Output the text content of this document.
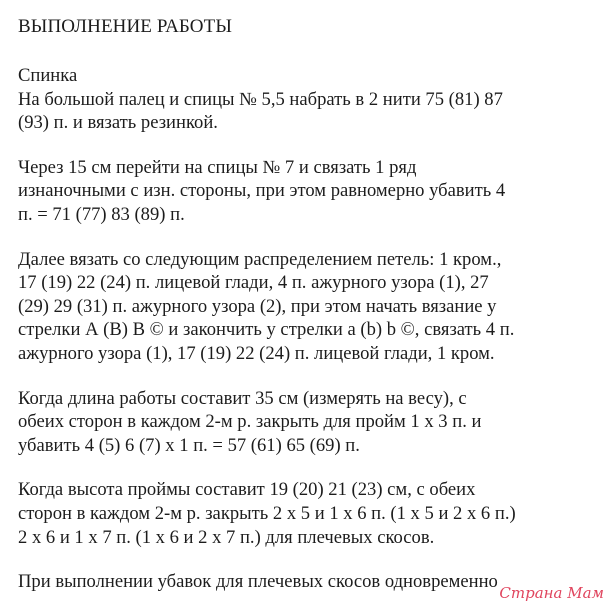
ВЫПОЛНЕНИЕ РАБОТЫ
Спинка
На большой палец и спицы № 5,5 набрать в 2 нити 75 (81) 87
(93) п. и вязать резинкой.
Через 15 см перейти на спицы № 7 и связать 1 ряд
изнаночными с изн. стороны, при этом равномерно убавить 4
п. = 71 (77) 83 (89) п.
Далее вязать со следующим распределением петель: 1 кром.,
17 (19) 22 (24) п. лицевой глади, 4 п. ажурного узора (1), 27
(29) 29 (31) п. ажурного узора (2), при этом начать вязание у
стрелки А (В) В © и закончить у стрелки а (b) b ©, связать 4 п.
ажурного узора (1), 17 (19) 22 (24) п. лицевой глади, 1 кром.
Когда длина работы составит 35 см (измерять на весу), с
обеих сторон в каждом 2-м р. закрыть для пройм 1 х 3 п. и
убавить 4 (5) 6 (7) х 1 п. = 57 (61) 65 (69) п.
Когда высота проймы составит 19 (20) 21 (23) см, с обеих
сторон в каждом 2-м р. закрыть 2 х 5 и 1 х 6 п. (1 х 5 и 2 х 6 п.)
2 х 6 и 1 х 7 п. (1 х 6 и 2 х 7 п.) для плечевых скосов.
При выполнении убавок для плечевых скосов одновременно
Страна Мам
